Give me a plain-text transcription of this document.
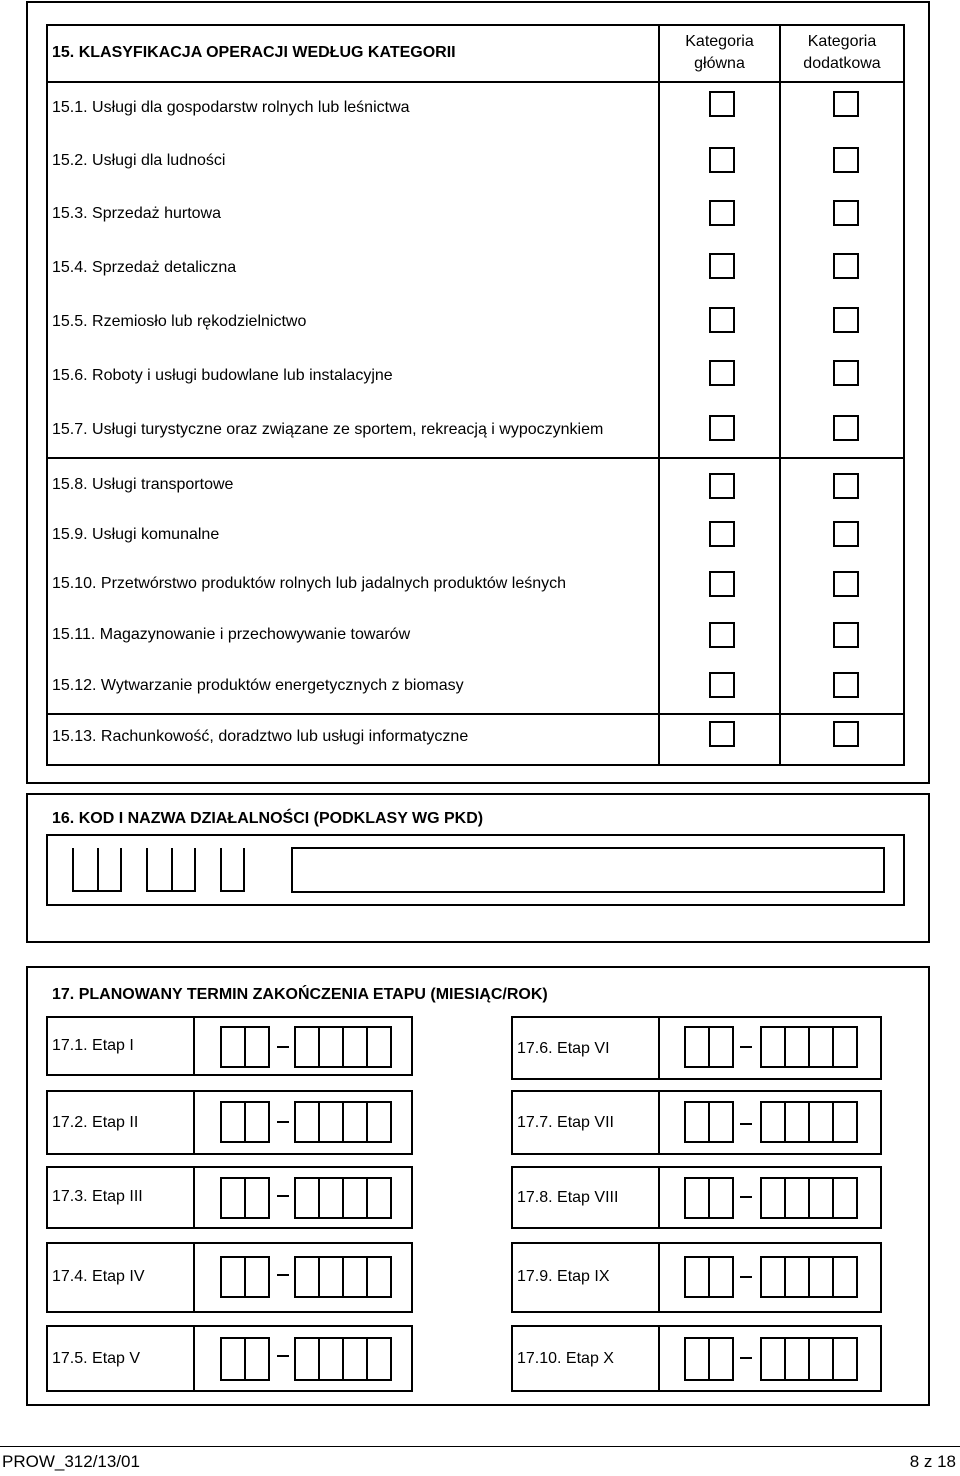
15. KLASYFIKACJA OPERACJI WEDŁUG KATEGORII
Kategoria
główna
Kategoria
dodatkowa
15.1. Usługi dla gospodarstw rolnych lub leśnictwa
15.2. Usługi dla ludności
15.3. Sprzedaż hurtowa
15.4. Sprzedaż detaliczna
15.5. Rzemiosło lub rękodzielnictwo
15.6. Roboty i usługi budowlane lub instalacyjne
15.7. Usługi turystyczne oraz związane ze sportem, rekreacją i wypoczynkiem
15.8. Usługi transportowe
15.9. Usługi komunalne
15.10. Przetwórstwo produktów rolnych lub jadalnych produktów leśnych
15.11. Magazynowanie i przechowywanie towarów
15.12. Wytwarzanie produktów energetycznych z biomasy
15.13. Rachunkowość, doradztwo lub usługi informatyczne
16. KOD I NAZWA DZIAŁALNOŚCI (PODKLASY WG PKD)
17. PLANOWANY TERMIN ZAKOŃCZENIA ETAPU (MIESIĄC/ROK)
17.1. Etap I
17.2. Etap II
17.3. Etap III
17.4. Etap IV
17.5. Etap V
17.6. Etap VI
17.7. Etap VII
17.8. Etap VIII
17.9. Etap IX
17.10. Etap X
PROW_312/13/01	8 z 18
